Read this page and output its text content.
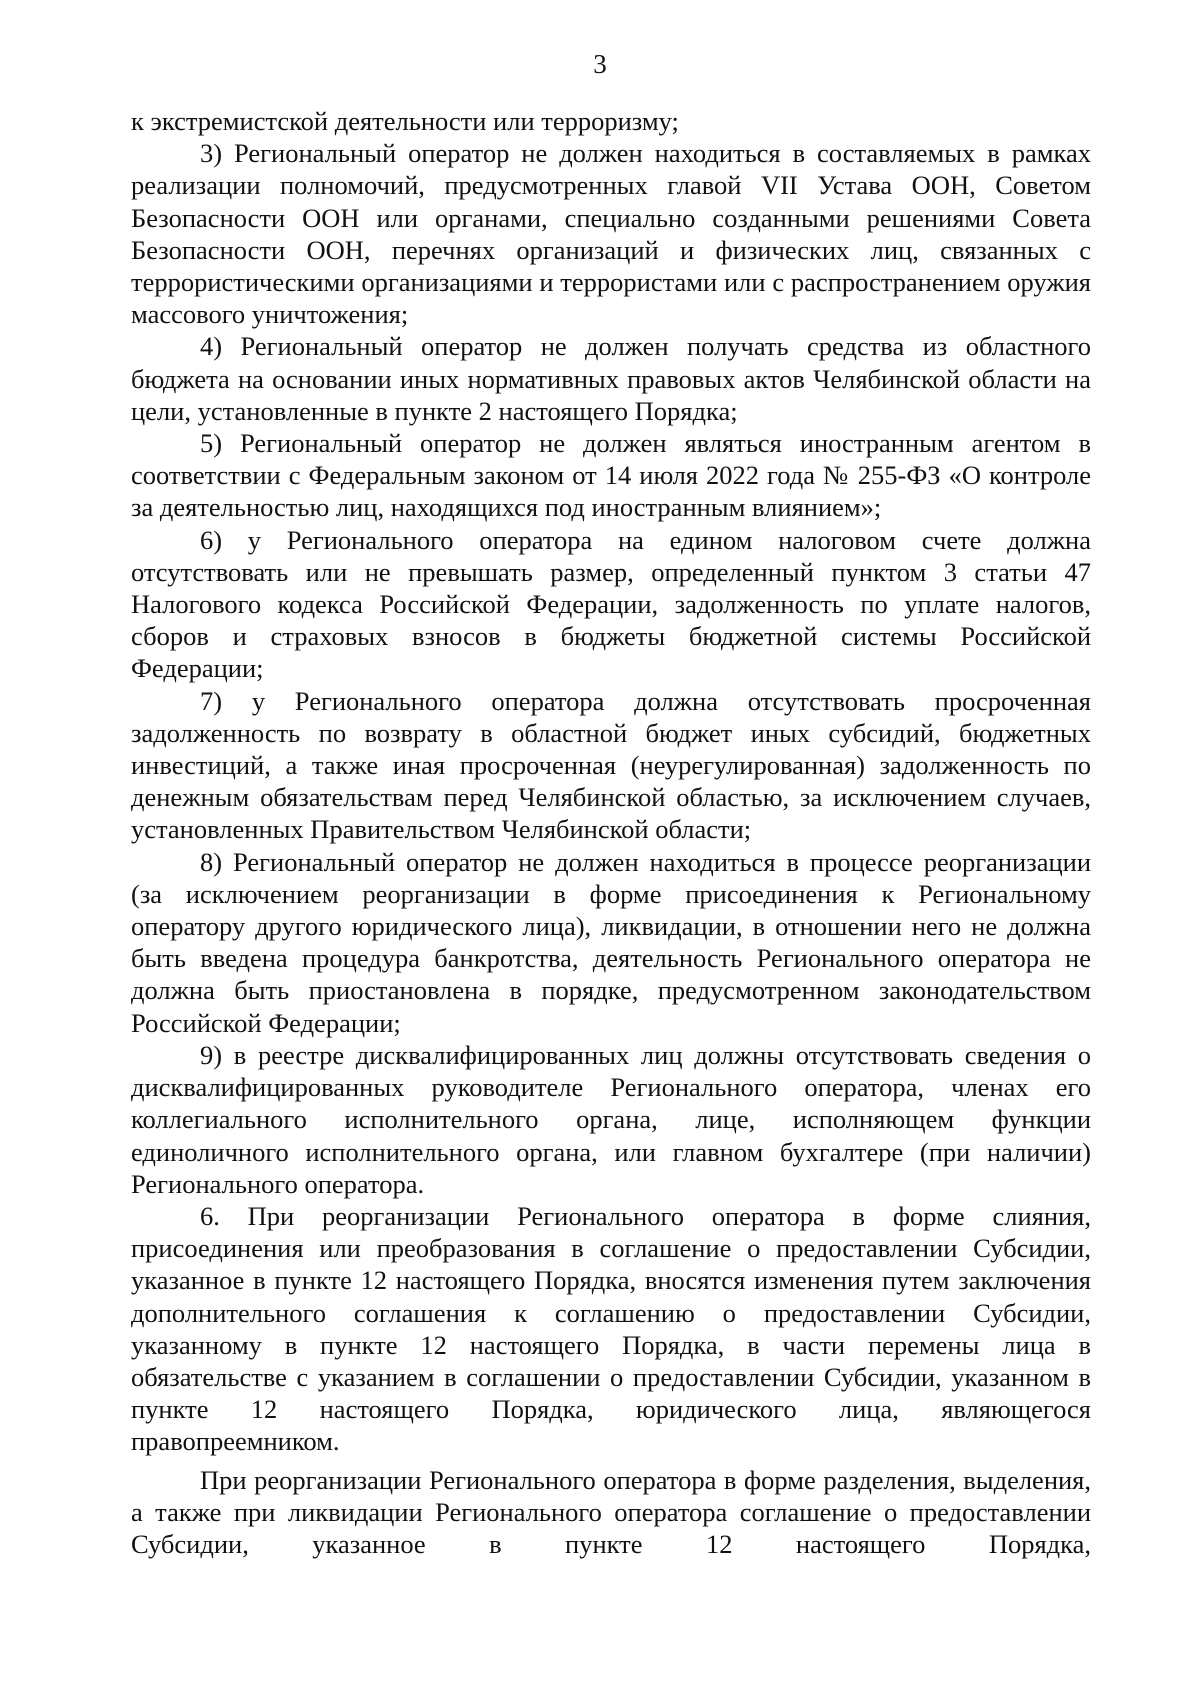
3

к экстремистской деятельности или терроризму;

3) Региональный оператор не должен находиться в составляемых в рамках реализации полномочий, предусмотренных главой VII Устава ООН, Советом Безопасности ООН или органами, специально созданными решениями Совета Безопасности ООН, перечнях организаций и физических лиц, связанных с террористическими организациями и террористами или с распространением оружия массового уничтожения;

4) Региональный оператор не должен получать средства из областного бюджета на основании иных нормативных правовых актов Челябинской области на цели, установленные в пункте 2 настоящего Порядка;

5) Региональный оператор не должен являться иностранным агентом в соответствии с Федеральным законом от 14 июля 2022 года № 255-ФЗ «О контроле за деятельностью лиц, находящихся под иностранным влиянием»;

6) у Регионального оператора на едином налоговом счете должна отсутствовать или не превышать размер, определенный пунктом 3 статьи 47 Налогового кодекса Российской Федерации, задолженность по уплате налогов, сборов и страховых взносов в бюджеты бюджетной системы Российской Федерации;

7) у Регионального оператора должна отсутствовать просроченная задолженность по возврату в областной бюджет иных субсидий, бюджетных инвестиций, а также иная просроченная (неурегулированная) задолженность по денежным обязательствам перед Челябинской областью, за исключением случаев, установленных Правительством Челябинской области;

8) Региональный оператор не должен находиться в процессе реорганизации (за исключением реорганизации в форме присоединения к Региональному оператору другого юридического лица), ликвидации, в отношении него не должна быть введена процедура банкротства, деятельность Регионального оператора не должна быть приостановлена в порядке, предусмотренном законодательством Российской Федерации;

9) в реестре дисквалифицированных лиц должны отсутствовать сведения о дисквалифицированных руководителе Регионального оператора, членах его коллегиального исполнительного органа, лице, исполняющем функции единоличного исполнительного органа, или главном бухгалтере (при наличии) Регионального оператора.

6. При реорганизации Регионального оператора в форме слияния, присоединения или преобразования в соглашение о предоставлении Субсидии, указанное в пункте 12 настоящего Порядка, вносятся изменения путем заключения дополнительного соглашения к соглашению о предоставлении Субсидии, указанному в пункте 12 настоящего Порядка, в части перемены лица в обязательстве с указанием в соглашении о предоставлении Субсидии, указанном в пункте 12 настоящего Порядка, юридического лица, являющегося правопреемником.

При реорганизации Регионального оператора в форме разделения, выделения, а также при ликвидации Регионального оператора соглашение о предоставлении Субсидии, указанное в пункте 12 настоящего Порядка,
